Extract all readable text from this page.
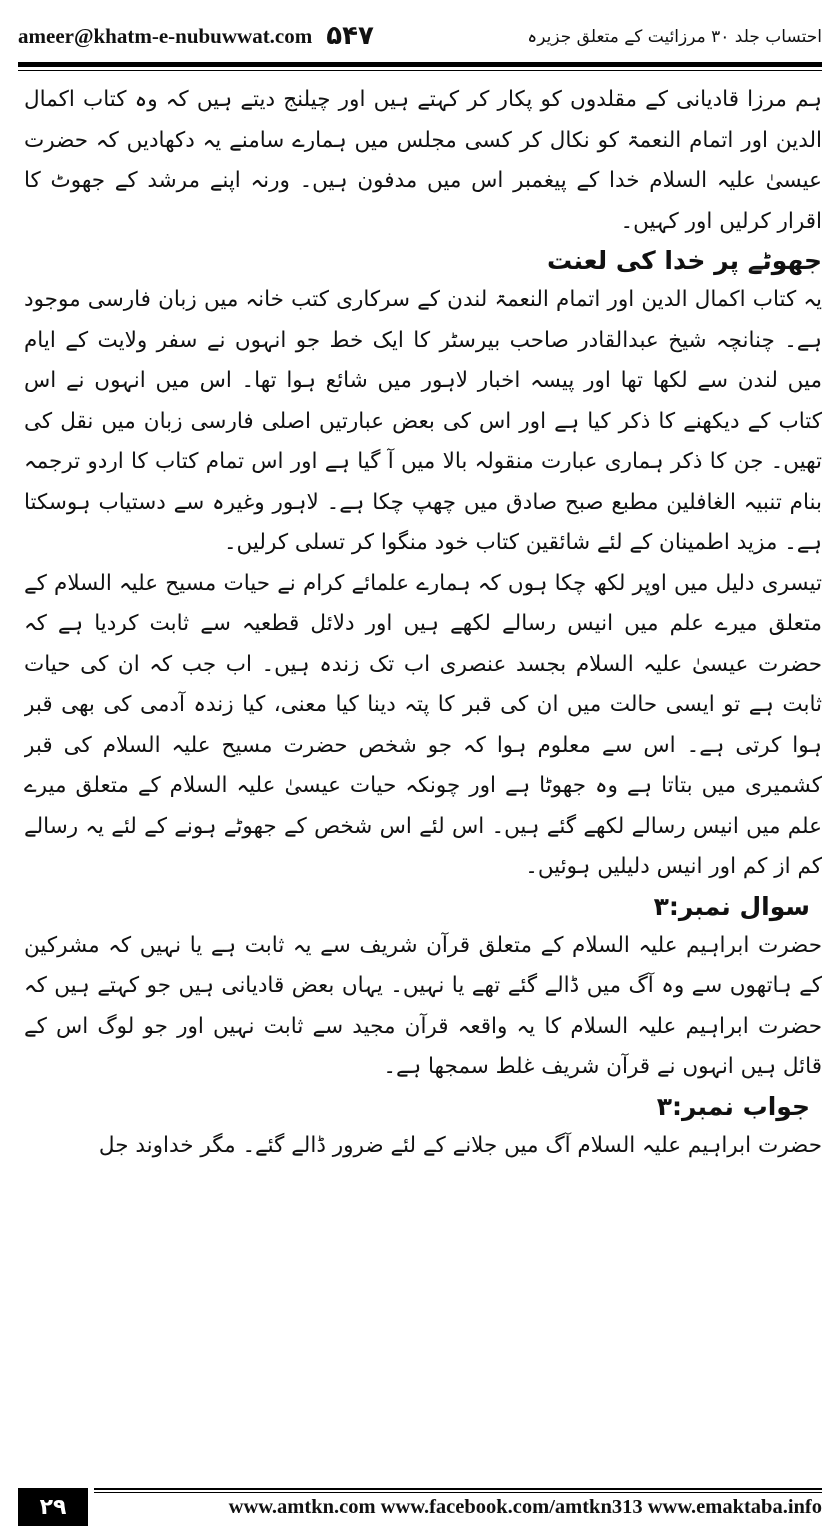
ameer@khatm-e-nubuwwat.com ۵۴۷	احتساب جلد ۳۰ مرزائیت کے متعلق جزیرہ

ہم مرزا قادیانی کے مقلدوں کو پکار کر کہتے ہیں اور چیلنج دیتے ہیں کہ وہ کتاب اکمال الدین اور اتمام النعمۃ کو نکال کر کسی مجلس میں ہمارے سامنے یہ دکھادیں کہ حضرت عیسیٰ علیہ السلام خدا کے پیغمبر اس میں مدفون ہیں۔ ورنہ اپنے مرشد کے جھوٹ کا اقرار کرلیں اور کہیں۔

جھوٹے پر خدا کی لعنت

یہ کتاب اکمال الدین اور اتمام النعمۃ لندن کے سرکاری کتب خانہ میں زبان فارسی موجود ہے۔ چنانچہ شیخ عبدالقادر صاحب بیرسٹر کا ایک خط جو انہوں نے سفر ولایت کے ایام میں لندن سے لکھا تھا اور پیسہ اخبار لاہور میں شائع ہوا تھا۔ اس میں انہوں نے اس کتاب کے دیکھنے کا ذکر کیا ہے اور اس کی بعض عبارتیں اصلی فارسی زبان میں نقل کی تھیں۔ جن کا ذکر ہماری عبارت منقولہ بالا میں آ گیا ہے اور اس تمام کتاب کا اردو ترجمہ بنام تنبیہ الغافلین مطبع صبح صادق میں چھپ چکا ہے۔ لاہور وغیرہ سے دستیاب ہوسکتا ہے۔ مزید اطمینان کے لئے شائقین کتاب خود منگوا کر تسلی کرلیں۔

تیسری دلیل میں اوپر لکھ چکا ہوں کہ ہمارے علمائے کرام نے حیات مسیح علیہ السلام کے متعلق میرے علم میں انیس رسالے لکھے ہیں اور دلائل قطعیہ سے ثابت کردیا ہے کہ حضرت عیسیٰ علیہ السلام بجسد عنصری اب تک زندہ ہیں۔ اب جب کہ ان کی حیات ثابت ہے تو ایسی حالت میں ان کی قبر کا پتہ دینا کیا معنی، کیا زندہ آدمی کی بھی قبر ہوا کرتی ہے۔ اس سے معلوم ہوا کہ جو شخص حضرت مسیح علیہ السلام کی قبر کشمیری میں بتاتا ہے وہ جھوٹا ہے اور چونکہ حیات عیسیٰ علیہ السلام کے متعلق میرے علم میں انیس رسالے لکھے گئے ہیں۔ اس لئے اس شخص کے جھوٹے ہونے کے لئے یہ رسالے کم از کم اور انیس دلیلیں ہوئیں۔

سوال نمبر:۳

حضرت ابراہیم علیہ السلام کے متعلق قرآن شریف سے یہ ثابت ہے یا نہیں کہ مشرکین کے ہاتھوں سے وہ آگ میں ڈالے گئے تھے یا نہیں۔ یہاں بعض قادیانی ہیں جو کہتے ہیں کہ حضرت ابراہیم علیہ السلام کا یہ واقعہ قرآن مجید سے ثابت نہیں اور جو لوگ اس کے قائل ہیں انہوں نے قرآن شریف غلط سمجھا ہے۔

جواب نمبر:۳

حضرت ابراہیم علیہ السلام آگ میں جلانے کے لئے ضرور ڈالے گئے۔ مگر خداوند جل

۲۹	www.amtkn.com www.facebook.com/amtkn313 www.emaktaba.info
